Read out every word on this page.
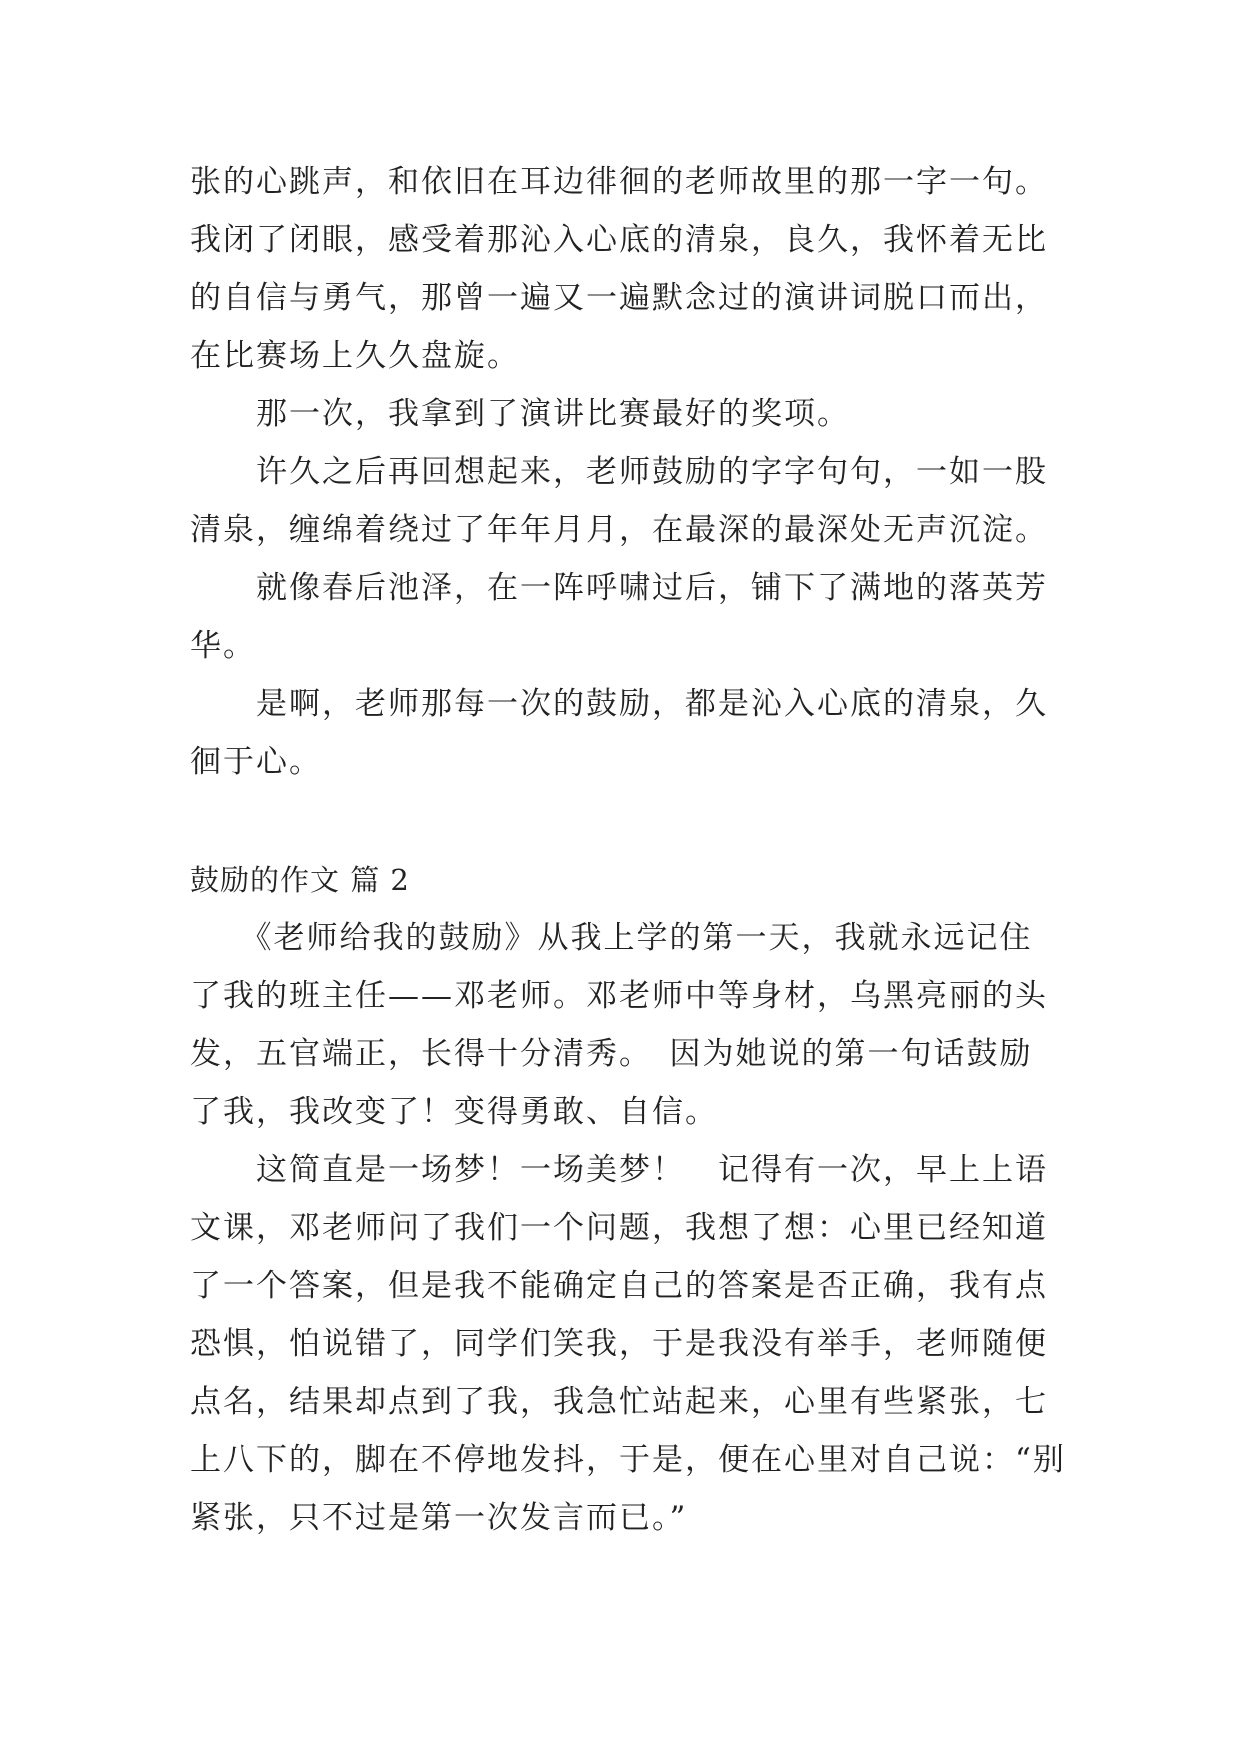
张的心跳声，和依旧在耳边徘徊的老师故里的那一字一句。
我闭了闭眼，感受着那沁入心底的清泉，良久，我怀着无比
的自信与勇气，那曾一遍又一遍默念过的演讲词脱口而出，
在比赛场上久久盘旋。
　　那一次，我拿到了演讲比赛最好的奖项。
　　许久之后再回想起来，老师鼓励的字字句句，一如一股
清泉，缠绵着绕过了年年月月，在最深的最深处无声沉淀。
　　就像春后池泽，在一阵呼啸过后，铺下了满地的落英芳
华。
　　是啊，老师那每一次的鼓励，都是沁入心底的清泉，久
徊于心。
鼓励的作文 篇 2
　　《老师给我的鼓励》从我上学的第一天，我就永远记住
了我的班主任——邓老师。邓老师中等身材，乌黑亮丽的头
发，五官端正，长得十分清秀。　因为她说的第一句话鼓励
了我，我改变了！变得勇敢、自信。
　　这简直是一场梦！一场美梦！　记得有一次，早上上语
文课，邓老师问了我们一个问题，我想了想：心里已经知道
了一个答案，但是我不能确定自己的答案是否正确，我有点
恐惧，怕说错了，同学们笑我，于是我没有举手，老师随便
点名，结果却点到了我，我急忙站起来，心里有些紧张，七
上八下的，脚在不停地发抖，于是，便在心里对自己说：“别
紧张，只不过是第一次发言而已。”
